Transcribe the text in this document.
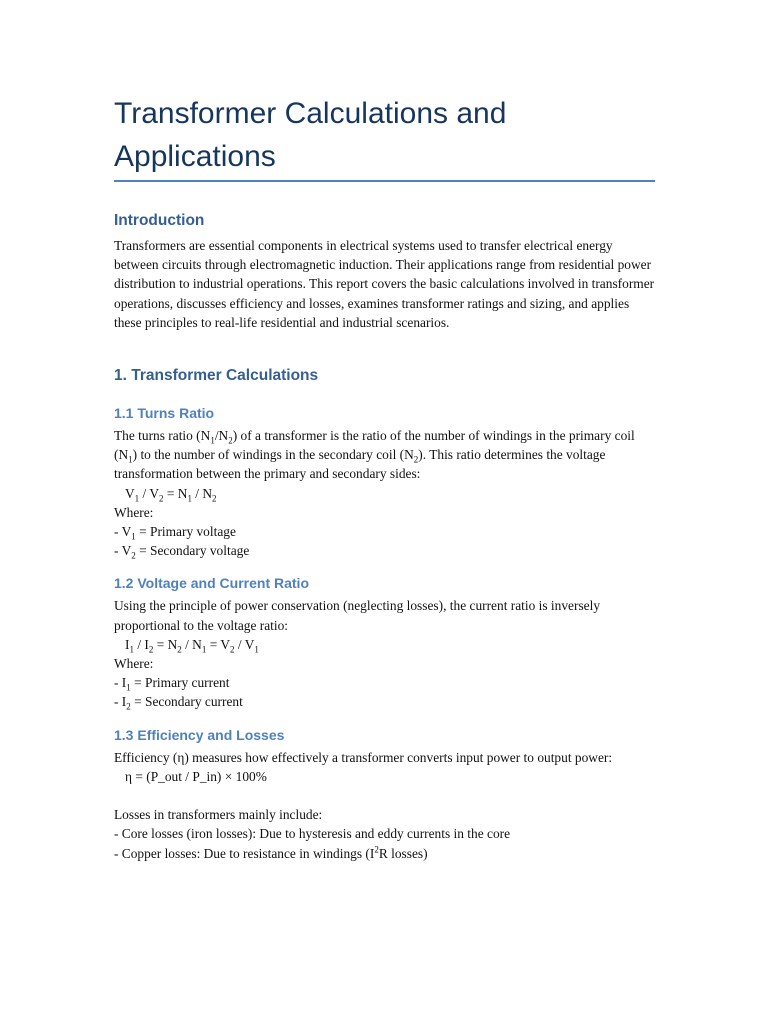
Transformer Calculations and Applications
Introduction

Transformers are essential components in electrical systems used to transfer electrical energy between circuits through electromagnetic induction. Their applications range from residential power distribution to industrial operations. This report covers the basic calculations involved in transformer operations, discusses efficiency and losses, examines transformer ratings and sizing, and applies these principles to real-life residential and industrial scenarios.

1. Transformer Calculations
1.1 Turns Ratio

The turns ratio $(N_1/N_2)$ of a transformer is the ratio of the number of windings in the primary coil $(N_1)$ to the number of windings in the secondary coil $(N_2)$. This ratio determines the voltage transformation between the primary and secondary sides:

$V_1 / V_2 = N_1 / N_2$

Where:

- $V_1$ = Primary voltage

- $V_2$ = Secondary voltage

1.2 Voltage and Current Ratio

Using the principle of power conservation (neglecting losses), the current ratio is inversely proportional to the voltage ratio:

$I_1 / I_2 = N_2 / N_1 = V_2 / V_1$

Where:

- $I_1$ = Primary current

- $I_2$ = Secondary current

1.3 Efficiency and Losses

Efficiency (η) measures how effectively a transformer converts input power to output power:

η = (P_out / P_in) × 100%

Losses in transformers mainly include:

- Core losses (iron losses): Due to hysteresis and eddy currents in the core

- Copper losses: Due to resistance in windings ($I^2R$ losses)
